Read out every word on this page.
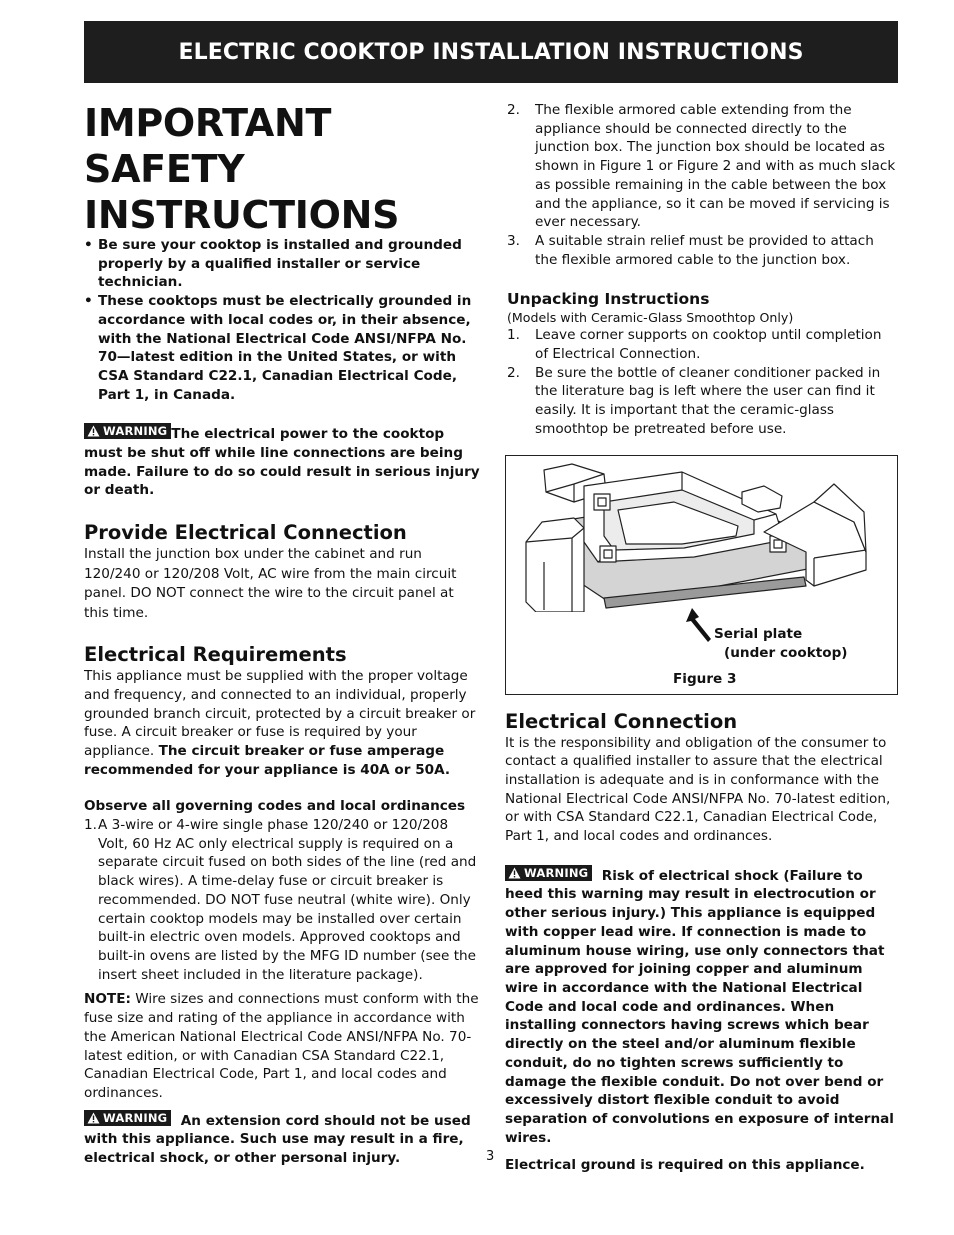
ELECTRIC COOKTOP INSTALLATION INSTRUCTIONS
IMPORTANT SAFETY INSTRUCTIONS
• Be sure your cooktop is installed and grounded properly by a qualified installer or service technician.
• These cooktops must be electrically grounded in accordance with local codes or, in their absence, with the National Electrical Code ANSI/NFPA No. 70—latest edition in the United States, or with CSA Standard C22.1, Canadian Electrical Code, Part 1, in Canada.

WARNING The electrical power to the cooktop must be shut off while line connections are being made. Failure to do so could result in serious injury or death.

Provide Electrical Connection

Install the junction box under the cabinet and run 120/240 or 120/208 Volt, AC wire from the main circuit panel. DO NOT connect the wire to the circuit panel at this time.

Electrical Requirements

This appliance must be supplied with the proper voltage and frequency, and connected to an individual, properly grounded branch circuit, protected by a circuit breaker or fuse. A circuit breaker or fuse is required by your appliance. The circuit breaker or fuse amperage recommended for your appliance is 40A or 50A.

Observe all governing codes and local ordinances

1. A 3-wire or 4-wire single phase 120/240 or 120/208 Volt, 60 Hz AC only electrical supply is required on a separate circuit fused on both sides of the line (red and black wires). A time-delay fuse or circuit breaker is recommended. DO NOT fuse neutral (white wire). Only certain cooktop models may be installed over certain built-in electric oven models. Approved cooktops and built-in ovens are listed by the MFG ID number (see the insert sheet included in the literature package).

NOTE: Wire sizes and connections must conform with the fuse size and rating of the appliance in accordance with the American National Electrical Code ANSI/NFPA No. 70-latest edition, or with Canadian CSA Standard C22.1, Canadian Electrical Code, Part 1, and local codes and ordinances.

WARNING An extension cord should not be used with this appliance. Such use may result in a fire, electrical shock, or other personal injury.

2. The flexible armored cable extending from the appliance should be connected directly to the junction box. The junction box should be located as shown in Figure 1 or Figure 2 and with as much slack as possible remaining in the cable between the box and the appliance, so it can be moved if servicing is ever necessary.
3. A suitable strain relief must be provided to attach the flexible armored cable to the junction box.
Unpacking Instructions

(Models with Ceramic-Glass Smoothtop Only)

1. Leave corner supports on cooktop until completion of Electrical Connection.
2. Be sure the bottle of cleaner conditioner packed in the literature bag is left where the user can find it easily. It is important that the ceramic-glass smoothtop be pretreated before use.
Serial plate
(under cooktop)
Figure 3
Electrical Connection

It is the responsibility and obligation of the consumer to contact a qualified installer to assure that the electrical installation is adequate and is in conformance with the National Electrical Code ANSI/NFPA No. 70-latest edition, or with CSA Standard C22.1, Canadian Electrical Code, Part 1, and local codes and ordinances.

WARNING Risk of electrical shock (Failure to heed this warning may result in electrocution or other serious injury.) This appliance is equipped with copper lead wire. If connection is made to aluminum house wiring, use only connectors that are approved for joining copper and aluminum wire in accordance with the National Electrical Code and local code and ordinances. When installing connectors having screws which bear directly on the steel and/or aluminum flexible conduit, do no tighten screws sufficiently to damage the flexible conduit. Do not over bend or excessively distort flexible conduit to avoid separation of convolutions en exposure of internal wires.

Electrical ground is required on this appliance.

3
